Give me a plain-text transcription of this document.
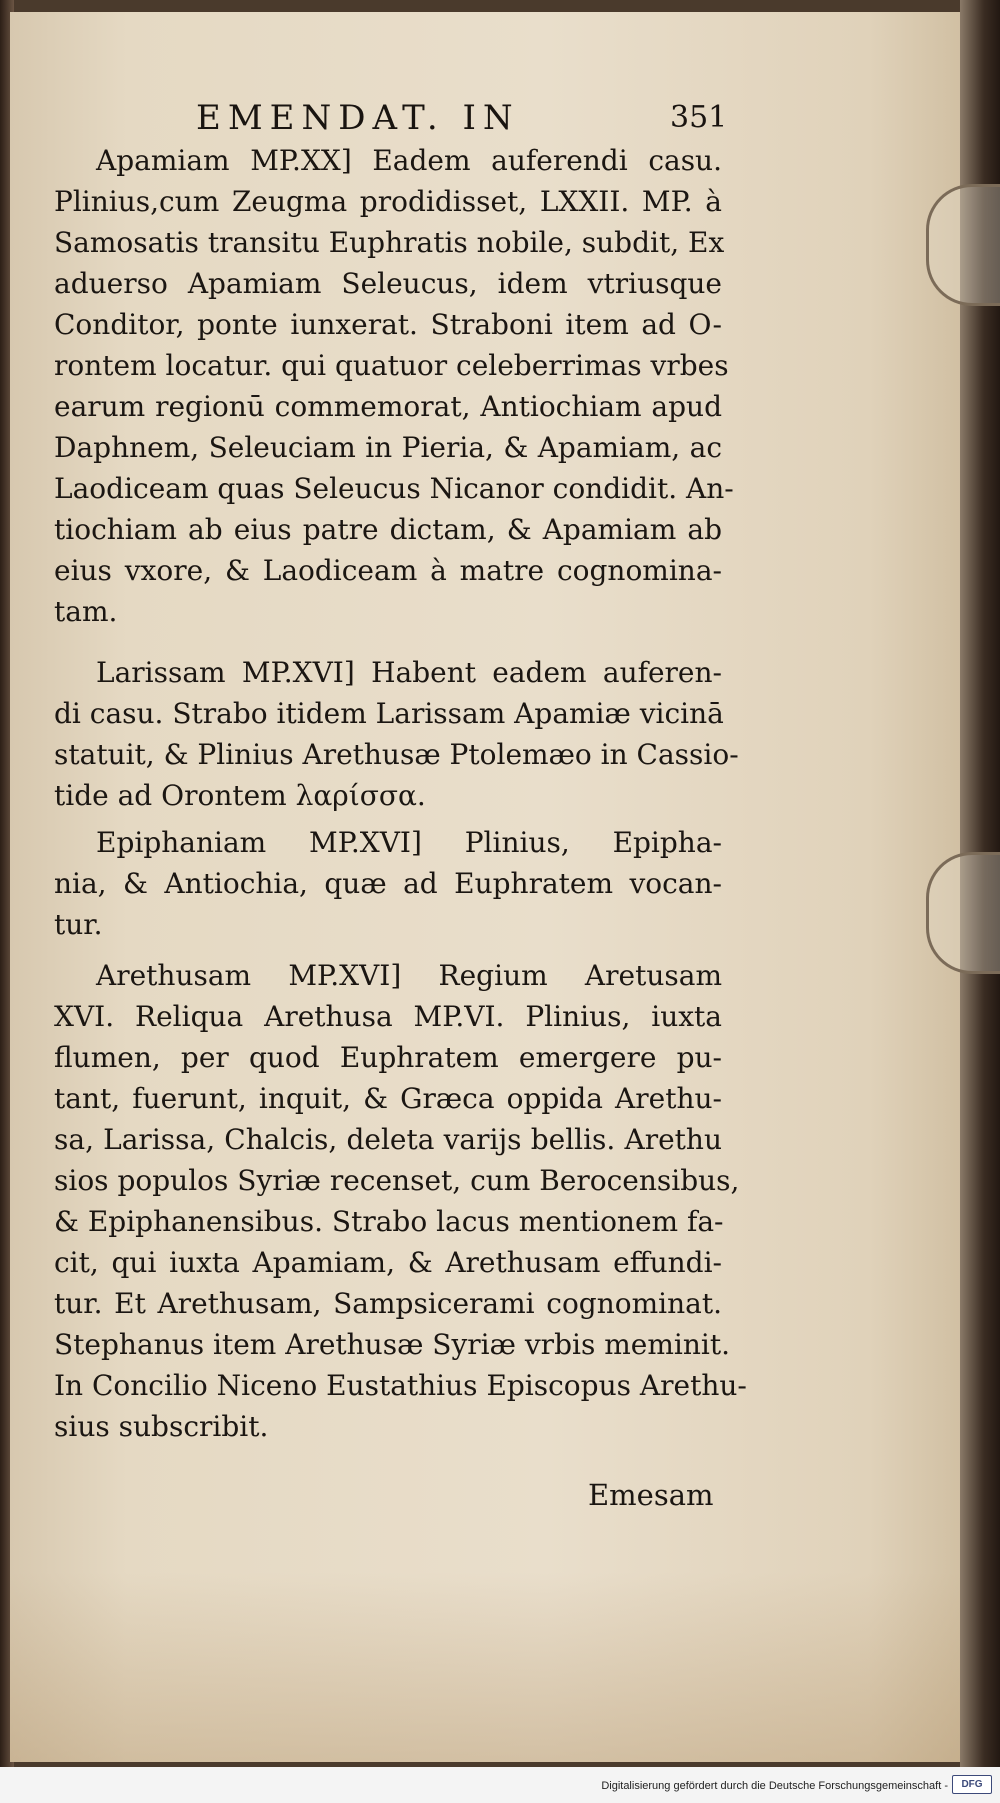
EMENDAT. IN	351
Apamiam MP.XX] Eadem auferendi casu.
Plinius,cum Zeugma prodidisset, LXXII. MP. à
Samosatis transitu Euphratis nobile, subdit, Ex
aduerso Apamiam Seleucus, idem vtriusque
Conditor, ponte iunxerat. Straboni item ad O-
rontem locatur. qui quatuor celeberrimas vrbes
earum regionū commemorat, Antiochiam apud
Daphnem, Seleuciam in Pieria, & Apamiam, ac
Laodiceam quas Seleucus Nicanor condidit. An-
tiochiam ab eius patre dictam, & Apamiam ab
eius vxore, & Laodiceam à matre cognomina-
tam.
Larissam MP.XVI] Habent eadem auferen-
di casu. Strabo itidem Larissam Apamiæ vicinā
statuit, & Plinius Arethusæ Ptolemæo in Cassio-
tide ad Orontem λαρίσσα.
Epiphaniam MP.XVI] Plinius, Epipha-
nia, & Antiochia, quæ ad Euphratem vocan-
tur.
Arethusam MP.XVI] Regium Aretusam
XVI. Reliqua Arethusa MP.VI. Plinius, iuxta
flumen, per quod Euphratem emergere pu-
tant, fuerunt, inquit, & Græca oppida Arethu-
sa, Larissa, Chalcis, deleta varijs bellis. Arethu
sios populos Syriæ recenset, cum Berocensibus,
& Epiphanensibus. Strabo lacus mentionem fa-
cit, qui iuxta Apamiam, & Arethusam effundi-
tur. Et Arethusam, Sampsicerami cognominat.
Stephanus item Arethusæ Syriæ vrbis meminit.
In Concilio Niceno Eustathius Episcopus Arethu-
sius subscribit.
Emesam
Digitalisierung gefördert durch die Deutsche Forschungsgemeinschaft -	DFG
